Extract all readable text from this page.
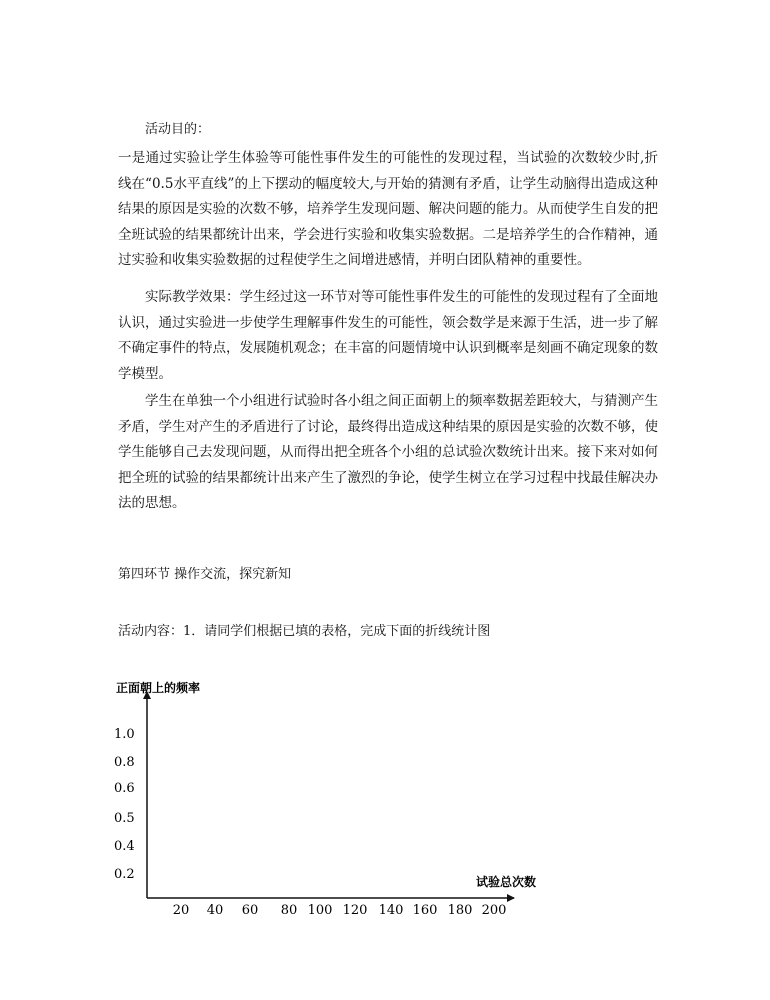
活动目的：

一是通过实验让学生体验等可能性事件发生的可能性的发现过程，当试验的次数较少时,折线在“0.5水平直线”的上下摆动的幅度较大,与开始的猜测有矛盾，让学生动脑得出造成这种结果的原因是实验的次数不够，培养学生发现问题、解决问题的能力。从而使学生自发的把全班试验的结果都统计出来，学会进行实验和收集实验数据。二是培养学生的合作精神，通过实验和收集实验数据的过程使学生之间增进感情，并明白团队精神的重要性。

实际教学效果：学生经过这一环节对等可能性事件发生的可能性的发现过程有了全面地认识，通过实验进一步使学生理解事件发生的可能性，领会数学是来源于生活，进一步了解不确定事件的特点，发展随机观念；在丰富的问题情境中认识到概率是刻画不确定现象的数学模型。

学生在单独一个小组进行试验时各小组之间正面朝上的频率数据差距较大，与猜测产生矛盾，学生对产生的矛盾进行了讨论，最终得出造成这种结果的原因是实验的次数不够，使学生能够自己去发现问题，从而得出把全班各个小组的总试验次数统计出来。接下来对如何把全班的试验的结果都统计出来产生了激烈的争论，使学生树立在学习过程中找最佳解决办法的思想。

第四环节 操作交流，探究新知
活动内容：1．请同学们根据已填的表格，完成下面的折线统计图
正面朝上的频率
试验总次数
1.0
0.8
0.6
0.5
0.4
0.2
20 40 60 80 100 120 140 160 180 200
